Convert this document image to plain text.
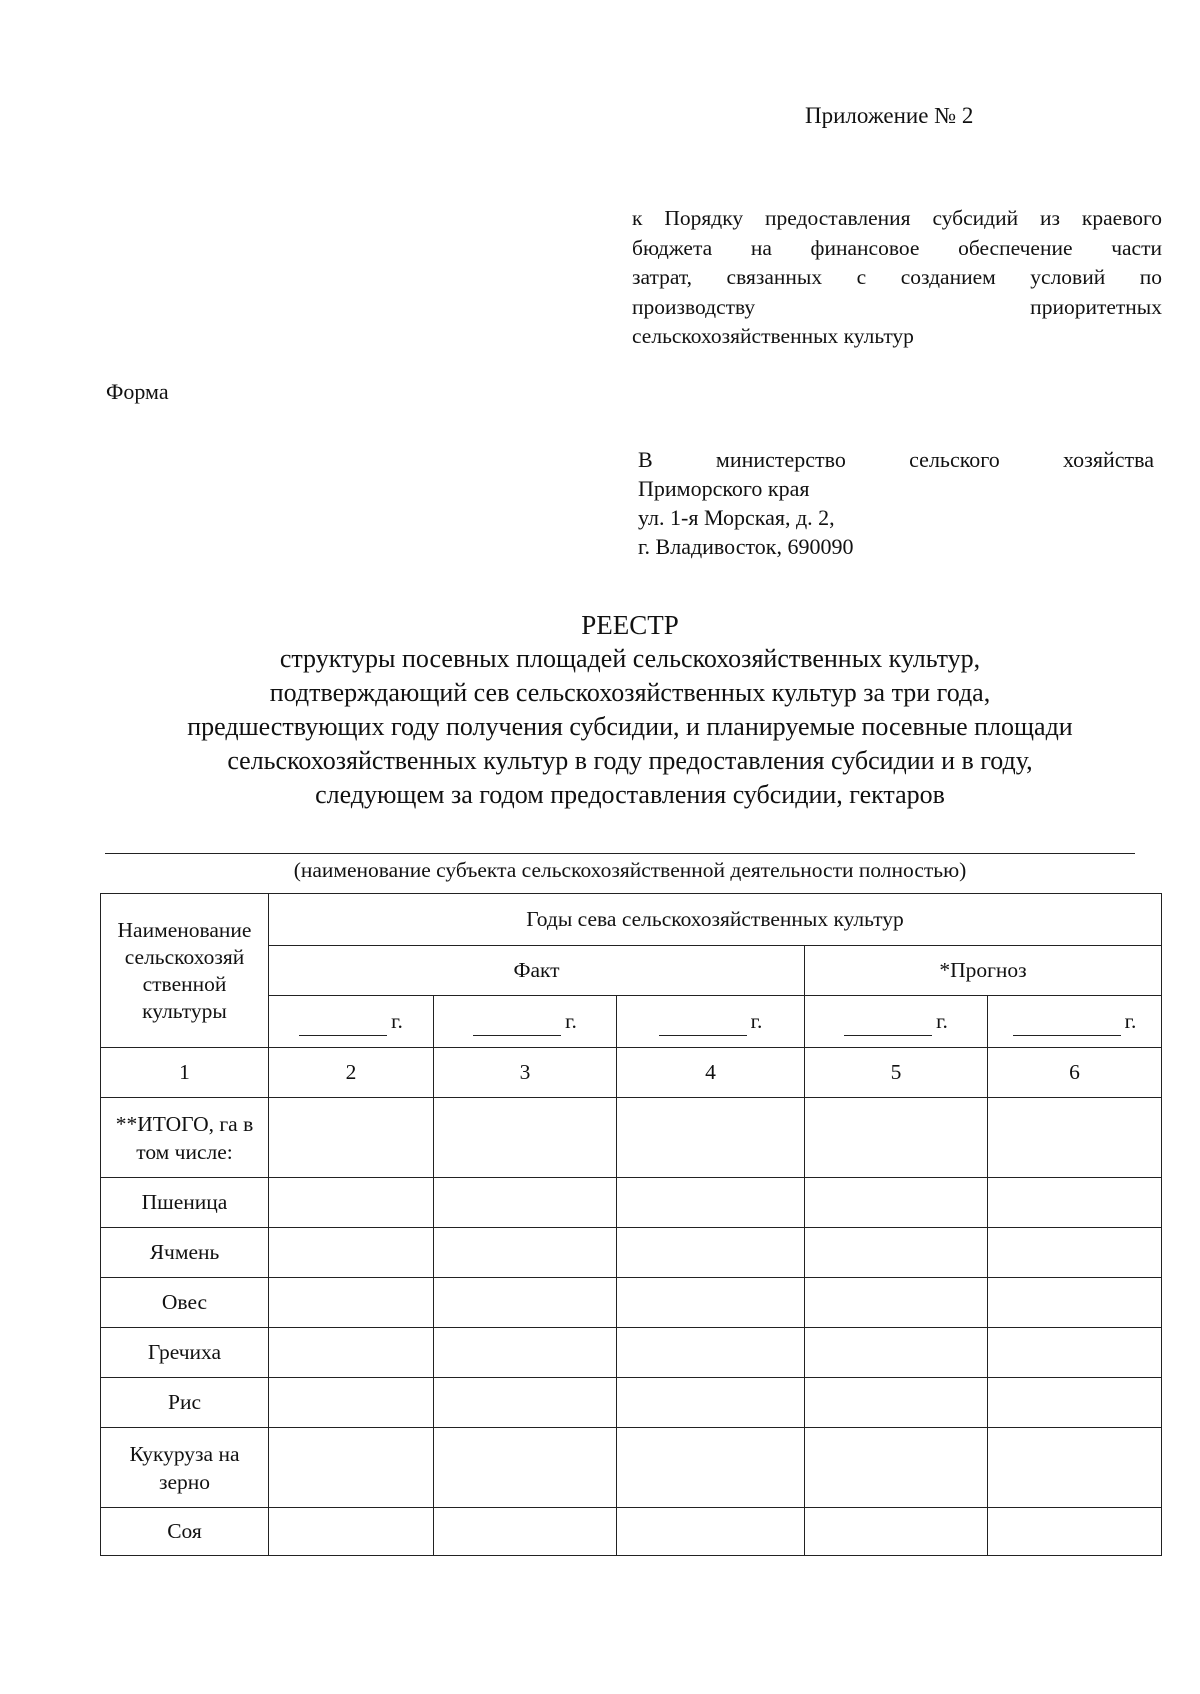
Приложение № 2
к Порядку предоставления субсидий из краевого
бюджета на финансовое обеспечение части
затрат, связанных с созданием условий по
производству приоритетных
сельскохозяйственных культур
Форма
В министерство сельского хозяйства
Приморского края
ул. 1-я Морская, д. 2,
г. Владивосток, 690090
РЕЕСТР
структуры посевных площадей сельскохозяйственных культур,
подтверждающий сев сельскохозяйственных культур за три года,
предшествующих году получения субсидии, и планируемые посевные площади
сельскохозяйственных культур в году предоставления субсидии и в году,
следующем за годом предоставления субсидии, гектаров
(наименование субъекта сельскохозяйственной деятельности полностью)
Наименование сельскохозяй ственной культуры	Годы сева сельскохозяйственных культур				
	Факт			*Прогноз	

	г.	г.	г.	г.	г.

1	2	3	4	5	6
**ИТОГО, га в том числе:					
Пшеница					
Ячмень					
Овес					
Гречиха					
Рис					
Кукуруза на зерно					
Соя					
